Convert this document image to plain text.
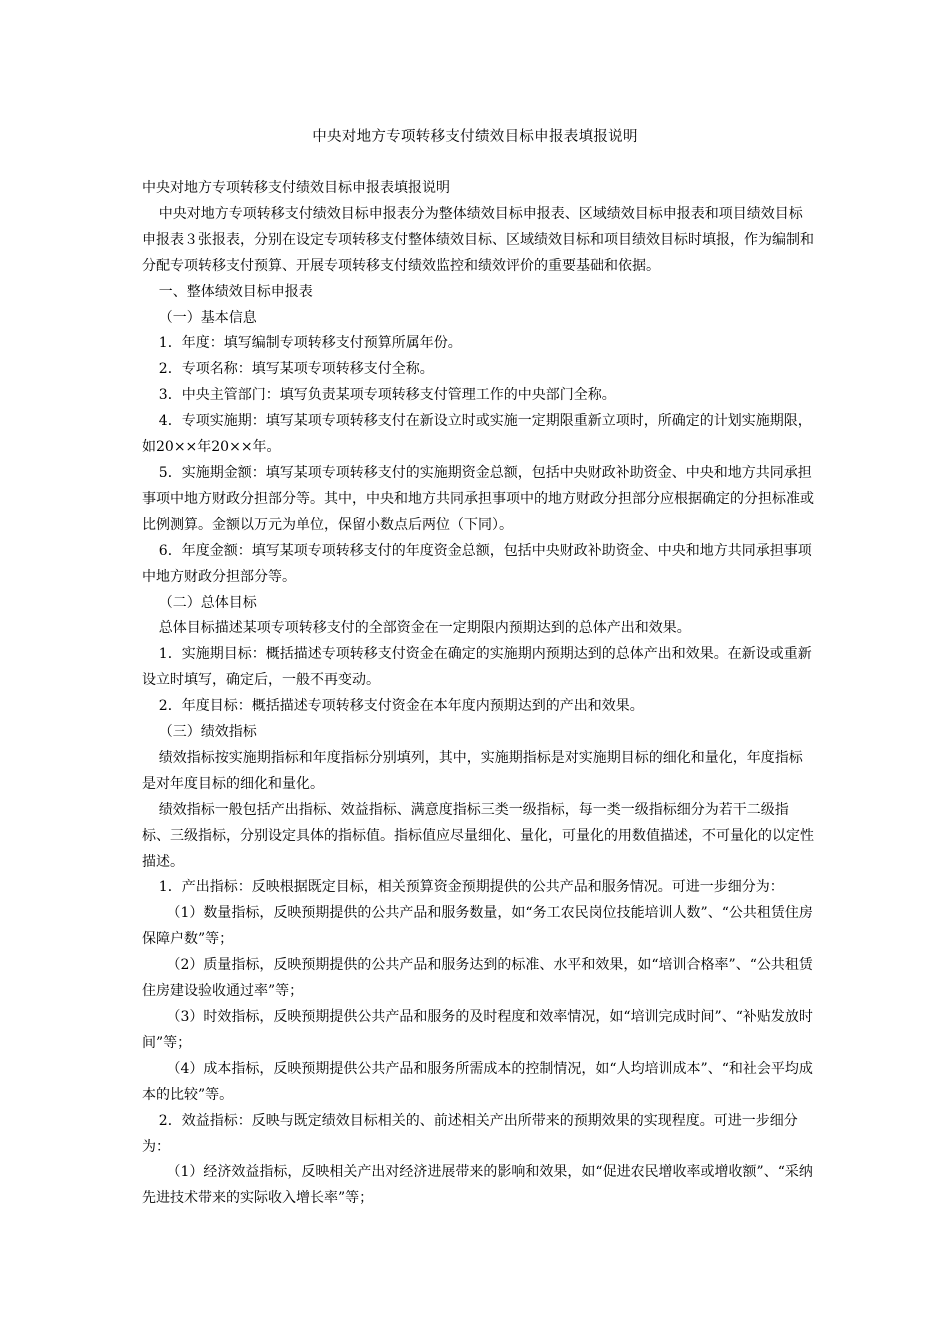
中央对地方专项转移支付绩效目标申报表填报说明

中央对地方专项转移支付绩效目标申报表填报说明

中央对地方专项转移支付绩效目标申报表分为整体绩效目标申报表、区域绩效目标申报表和项目绩效目标申报表３张报表，分别在设定专项转移支付整体绩效目标、区域绩效目标和项目绩效目标时填报，作为编制和分配专项转移支付预算、开展专项转移支付绩效监控和绩效评价的重要基础和依据。

一、整体绩效目标申报表

（一）基本信息

1．年度：填写编制专项转移支付预算所属年份。

2．专项名称：填写某项专项转移支付全称。

3．中央主管部门：填写负责某项专项转移支付管理工作的中央部门全称。

4．专项实施期：填写某项专项转移支付在新设立时或实施一定期限重新立项时，所确定的计划实施期限，如20××年20××年。

5．实施期金额：填写某项专项转移支付的实施期资金总额，包括中央财政补助资金、中央和地方共同承担事项中地方财政分担部分等。其中，中央和地方共同承担事项中的地方财政分担部分应根据确定的分担标准或比例测算。金额以万元为单位，保留小数点后两位（下同）。

6．年度金额：填写某项专项转移支付的年度资金总额，包括中央财政补助资金、中央和地方共同承担事项中地方财政分担部分等。

（二）总体目标

总体目标描述某项专项转移支付的全部资金在一定期限内预期达到的总体产出和效果。

1．实施期目标：概括描述专项转移支付资金在确定的实施期内预期达到的总体产出和效果。在新设或重新设立时填写，确定后，一般不再变动。

2．年度目标：概括描述专项转移支付资金在本年度内预期达到的产出和效果。

（三）绩效指标

绩效指标按实施期指标和年度指标分别填列，其中，实施期指标是对实施期目标的细化和量化，年度指标是对年度目标的细化和量化。

绩效指标一般包括产出指标、效益指标、满意度指标三类一级指标，每一类一级指标细分为若干二级指标、三级指标，分别设定具体的指标值。指标值应尽量细化、量化，可量化的用数值描述，不可量化的以定性描述。

1．产出指标：反映根据既定目标，相关预算资金预期提供的公共产品和服务情况。可进一步细分为：

（1）数量指标，反映预期提供的公共产品和服务数量，如“务工农民岗位技能培训人数”、“公共租赁住房保障户数”等；

（2）质量指标，反映预期提供的公共产品和服务达到的标准、水平和效果，如“培训合格率”、“公共租赁住房建设验收通过率”等；

（3）时效指标，反映预期提供公共产品和服务的及时程度和效率情况，如“培训完成时间”、“补贴发放时间”等；

（4）成本指标，反映预期提供公共产品和服务所需成本的控制情况，如“人均培训成本”、“和社会平均成本的比较”等。

2．效益指标：反映与既定绩效目标相关的、前述相关产出所带来的预期效果的实现程度。可进一步细分为：

（1）经济效益指标，反映相关产出对经济进展带来的影响和效果，如“促进农民增收率或增收额”、“采纳先进技术带来的实际收入增长率”等；
